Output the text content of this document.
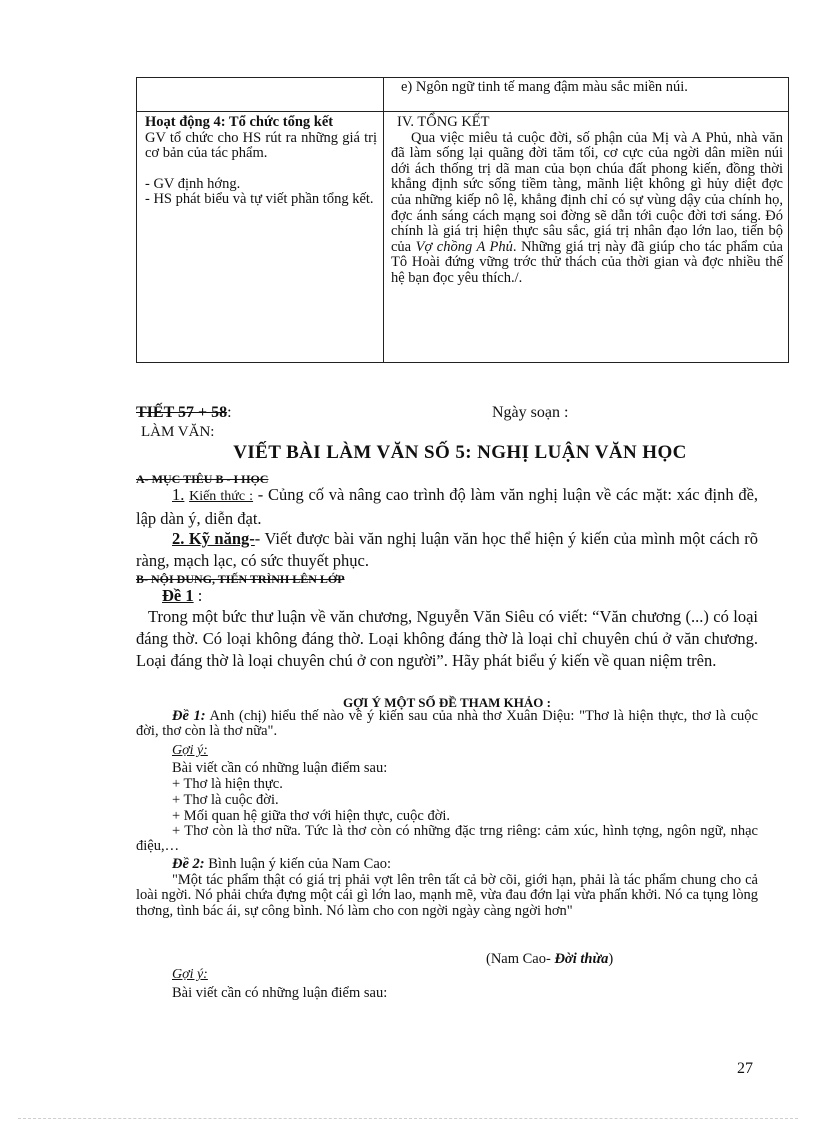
e) Ngôn ngữ tinh tế mang đậm màu sắc miền núi.
Hoạt động 4: Tổ chức tổng kết
GV tổ chức cho HS rút ra những giá trị cơ bản của tác phẩm.
- GV định hớng.
- HS phát biểu và tự viết phần tổng kết.
IV. TỔNG KẾT
Qua việc miêu tả cuộc đời, số phận của Mị và A Phủ, nhà văn đã làm sống lại quãng đời tăm tối, cơ cực của ngời dân miền núi dới ách thống trị dã man của bọn chúa đất phong kiến, đồng thời khẳng định sức sống tiềm tàng, mãnh liệt không gì hủy diệt đợc của những kiếp nô lệ, khẳng định chỉ có sự vùng dậy của chính họ, đợc ánh sáng cách mạng soi đờng sẽ dẫn tới cuộc đời tơi sáng. Đó chính là giá trị hiện thực sâu sắc, giá trị nhân đạo lớn lao, tiến bộ của Vợ chồng A Phủ. Những giá trị này đã giúp cho tác phẩm của Tô Hoài đứng vững trớc thử thách của thời gian và đợc nhiều thế hệ bạn đọc yêu thích./.
TIẾT 57 + 58:	Ngày soạn :
LÀM VĂN:
VIẾT BÀI LÀM VĂN SỐ 5: NGHỊ LUẬN VĂN HỌC
A- MỤC TIÊU B - I HỌC
1. Kiến thức : - Củng cố và nâng cao trình độ làm văn nghị luận về các mặt: xác định đề, lập dàn ý, diễn đạt.
2. Kỹ năng-- Viết được bài văn nghị luận văn học thể hiện ý kiến của mình một cách rõ ràng, mạch lạc, có sức thuyết phục.
B- NỘI DUNG, TIẾN TRÌNH LÊN LỚP
Đề 1 :
Trong một bức thư luận về văn chương, Nguyễn Văn Siêu có viết: “Văn chương (...) có loại đáng thờ. Có loại không đáng thờ. Loại không đáng thờ là loại chỉ chuyên chú ở văn chương. Loại đáng thờ là loại chuyên chú ở con người”. Hãy phát biểu ý kiến về quan niệm trên.
GỢI Ý MỘT SỐ ĐỀ THAM KHẢO :
Đề 1: Anh (chị) hiểu thế nào về ý kiến sau của nhà thơ Xuân Diệu: "Thơ là hiện thực, thơ là cuộc đời, thơ còn là thơ nữa".
Gợi ý:
Bài viết cần có những luận điểm sau:
+ Thơ là hiện thực.
+ Thơ là cuộc đời.
+ Mối quan hệ giữa thơ với hiện thực, cuộc đời.
+ Thơ còn là thơ nữa. Tức là thơ còn có những đặc trng riêng: cảm xúc, hình tợng, ngôn ngữ, nhạc điệu,…
Đề 2: Bình luận ý kiến của Nam Cao:
"Một tác phẩm thật có giá trị phải vợt lên trên tất cả bờ cõi, giới hạn, phải là tác phẩm chung cho cả loài ngời. Nó phải chứa đựng một cái gì lớn lao, mạnh mẽ, vừa đau đớn lại vừa phấn khởi. Nó ca tụng lòng thơng, tình bác ái, sự công bình. Nó làm cho con ngời ngày càng ngời hơn"
(Nam Cao- Đời thừa)
Gợi ý:
Bài viết cần có những luận điểm sau:
27
